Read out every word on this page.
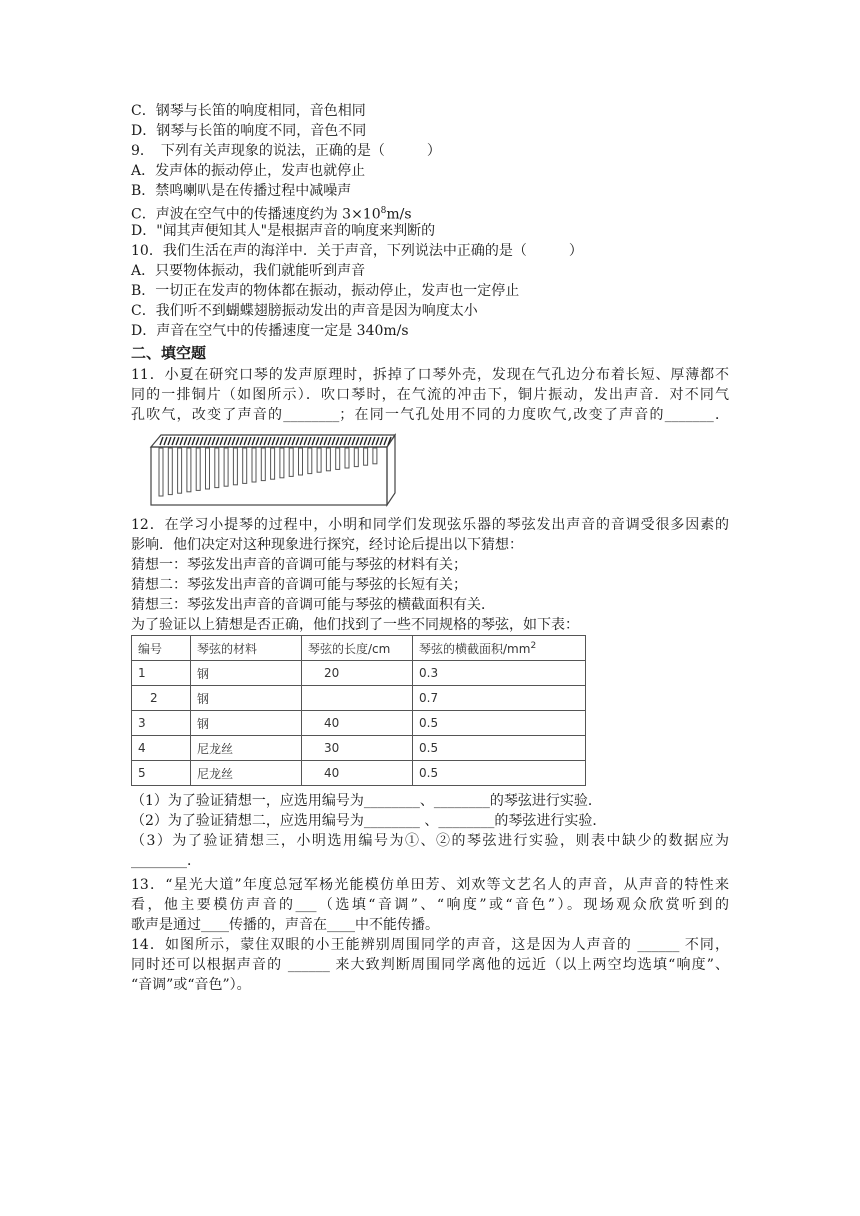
C．钢琴与长笛的响度相同，音色相同
D．钢琴与长笛的响度不同，音色不同
9．　下列有关声现象的说法，正确的是（　　　）
A．发声体的振动停止，发声也就停止
B．禁鸣喇叭是在传播过程中减噪声
C．声波在空气中的传播速度约为 $3\times 10^8m/s$
D．"闻其声便知其人"是根据声音的响度来判断的
10．我们生活在声的海洋中．关于声音，下列说法中正确的是（　　　）
A．只要物体振动，我们就能听到声音
B．一切正在发声的物体都在振动，振动停止，发声也一定停止
C．我们听不到蝴蝶翅膀振动发出的声音是因为响度太小
D．声音在空气中的传播速度一定是 340m/s
二、填空题
11．小夏在研究口琴的发声原理时，拆掉了口琴外壳，发现在气孔边分布着长短、厚薄都不
同的一排铜片（如图所示）．吹口琴时，在气流的冲击下，铜片振动，发出声音．对不同气
孔吹气，改变了声音的________；在同一气孔处用不同的力度吹气,改变了声音的_______．
12．在学习小提琴的过程中，小明和同学们发现弦乐器的琴弦发出声音的音调受很多因素的
影响．他们决定对这种现象进行探究，经讨论后提出以下猜想：
猜想一：琴弦发出声音的音调可能与琴弦的材料有关；
猜想二：琴弦发出声音的音调可能与琴弦的长短有关；
猜想三：琴弦发出声音的音调可能与琴弦的横截面积有关．
为了验证以上猜想是否正确，他们找到了一些不同规格的琴弦，如下表：
编号	琴弦的材料	琴弦的长度/cm	琴弦的横截面积$/mm^2$
1	钢	20	0.3
2	钢		0.7
3	钢	40	0.5
4	尼龙丝	30	0.5
5	尼龙丝	40	0.5
（1）为了验证猜想一，应选用编号为________、________的琴弦进行实验．
（2）为了验证猜想二，应选用编号为________ 、________的琴弦进行实验．
（3）为了验证猜想三，小明选用编号为①、②的琴弦进行实验，则表中缺少的数据应为
________．
13．“星光大道”年度总冠军杨光能模仿单田芳、刘欢等文艺名人的声音，从声音的特性来
看，他主要模仿声音的___（选填“音调”、“响度”或“音色”）。现场观众欣赏听到的
歌声是通过____传播的，声音在____中不能传播。
14．如图所示，蒙住双眼的小王能辨别周围同学的声音，这是因为人声音的 ______ 不同，
同时还可以根据声音的 ______ 来大致判断周围同学离他的远近（以上两空均选填“响度”、
“音调”或“音色”）。
